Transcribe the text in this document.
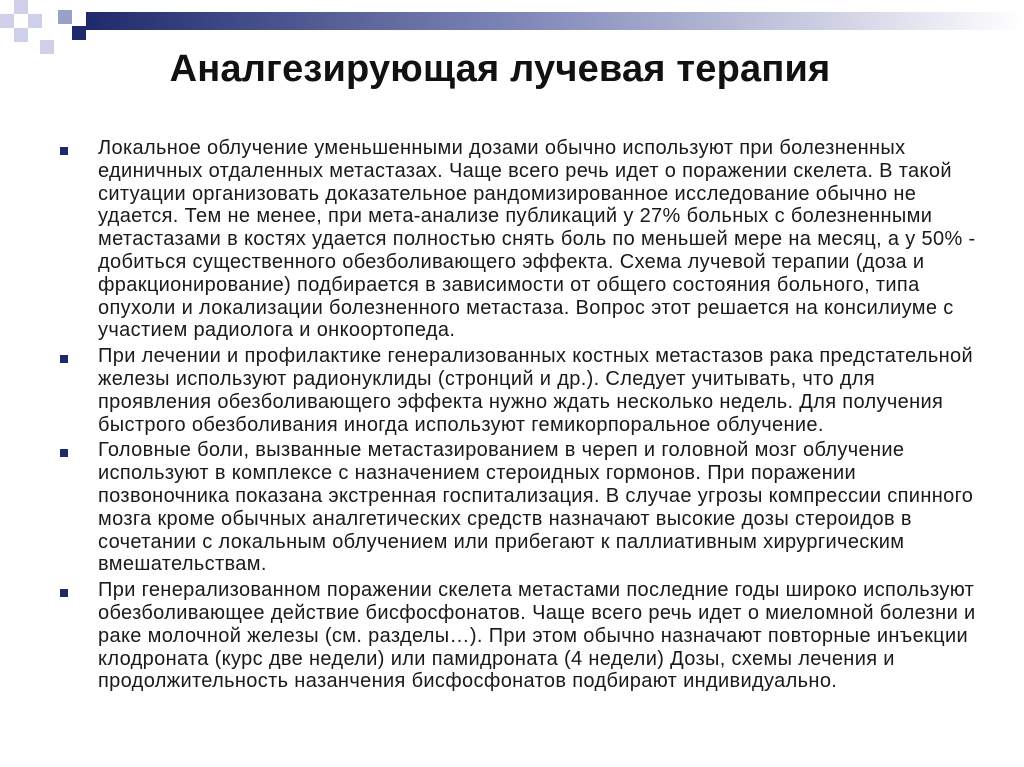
Аналгезирующая лучевая терапия
Локальное облучение уменьшенными дозами обычно используют при болезненных единичных отдаленных метастазах. Чаще всего речь идет о поражении скелета. В такой ситуации организовать доказательное рандомизированное исследование обычно не удается. Тем не менее, при мета-анализе публикаций у 27% больных с болезненными метастазами в костях удается полностью снять боль по меньшей мере на месяц, а у 50% - добиться существенного обезболивающего эффекта. Схема лучевой терапии (доза и фракционирование) подбирается в зависимости от общего состояния больного, типа опухоли и локализации болезненного метастаза. Вопрос этот решается на консилиуме с участием радиолога и онкоортопеда.
При лечении и профилактике генерализованных костных метастазов рака предстательной железы используют радионуклиды (стронций и др.). Следует учитывать, что для проявления обезболивающего эффекта нужно ждать несколько недель. Для получения быстрого обезболивания иногда используют гемикорпоральное облучение.
Головные боли, вызванные метастазированием в череп и головной мозг облучение используют в комплексе с назначением стероидных гормонов. При поражении позвоночника показана экстренная госпитализация. В случае угрозы компрессии спинного мозга кроме обычных аналгетических средств назначают высокие дозы стероидов в сочетании с локальным облучением или прибегают к паллиативным хирургическим вмешательствам.
При генерализованном поражении скелета метастами последние годы широко используют обезболивающее действие бисфосфонатов. Чаще всего речь идет о миеломной болезни и раке молочной железы (см. разделы…). При этом обычно назначают повторные инъекции клодроната (курс две недели) или памидроната (4 недели) Дозы, схемы лечения и продолжительность назанчения бисфосфонатов подбирают индивидуально.
